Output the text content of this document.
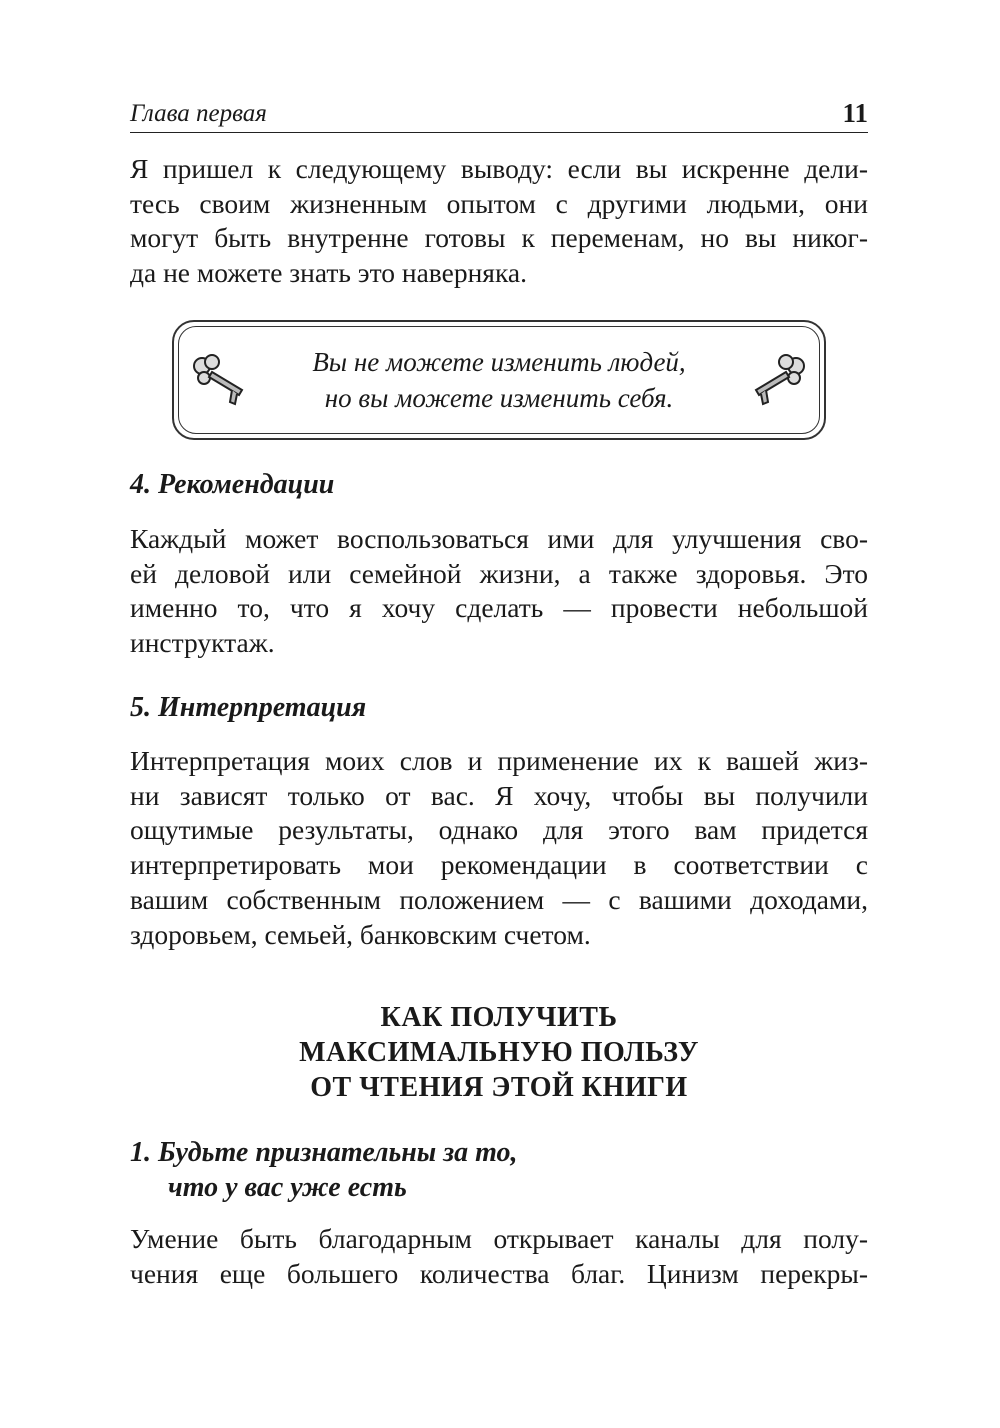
Глава первая	11
Я пришел к следующему выводу: если вы искренне дели-
тесь своим жизненным опытом с другими людьми, они
могут быть внутренне готовы к переменам, но вы никог-
да не можете знать это наверняка.
Вы не можете изменить людей,
но вы можете изменить себя.
4. Рекомендации
Каждый может воспользоваться ими для улучшения сво-
ей деловой или семейной жизни, а также здоровья. Это
именно то, что я хочу сделать — провести небольшой
инструктаж.
5. Интерпретация
Интерпретация моих слов и применение их к вашей жиз-
ни зависят только от вас. Я хочу, чтобы вы получили
ощутимые результаты, однако для этого вам придется
интерпретировать мои рекомендации в соответствии с
вашим собственным положением — с вашими доходами,
здоровьем, семьей, банковским счетом.
КАК ПОЛУЧИТЬ
МАКСИМАЛЬНУЮ ПОЛЬЗУ
ОТ ЧТЕНИЯ ЭТОЙ КНИГИ
1. Будьте признательны за то,
что у вас уже есть
Умение быть благодарным открывает каналы для полу-
чения еще большего количества благ. Цинизм перекры-
